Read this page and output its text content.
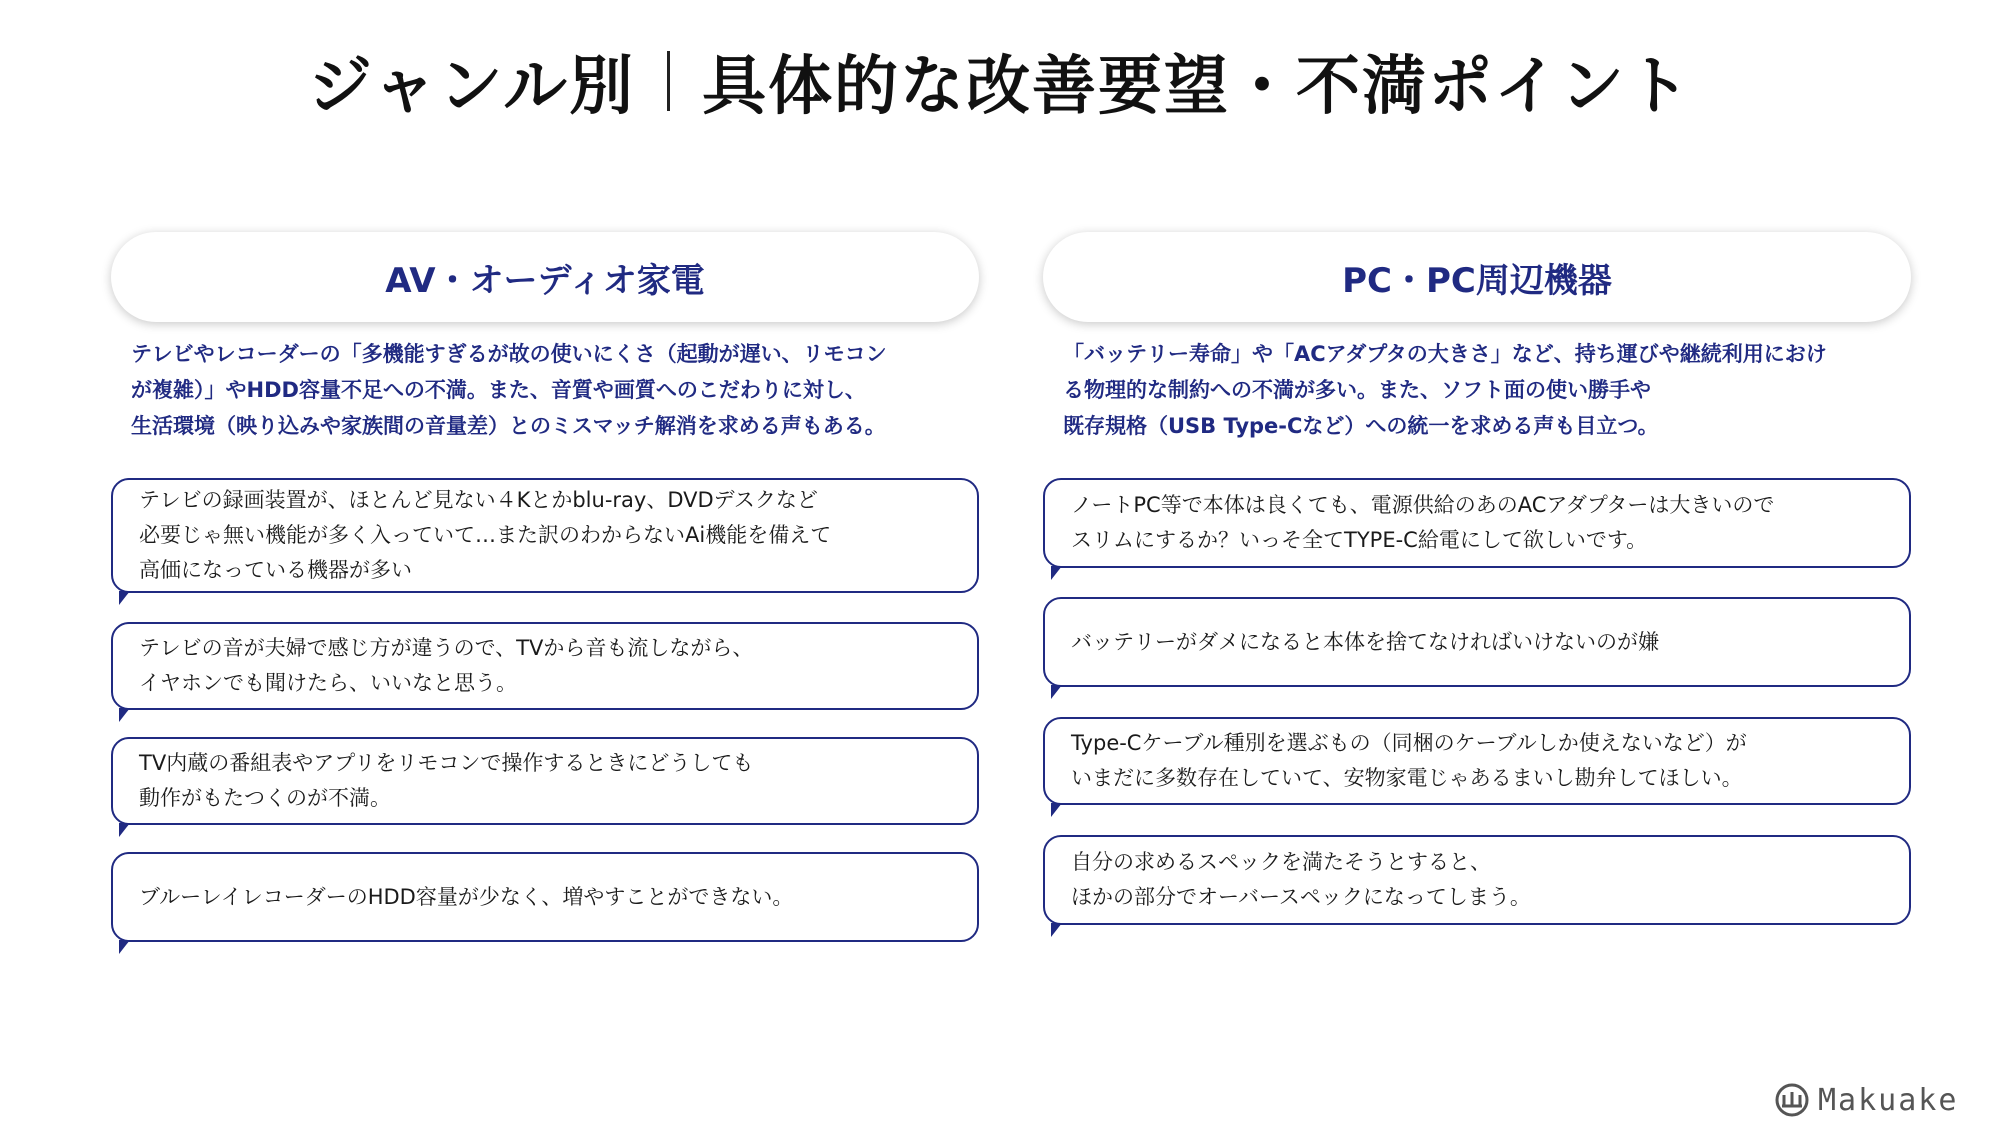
ジャンル別 具体的な改善要望・不満ポイント
AV・オーディオ家電
テレビやレコーダーの「多機能すぎるが故の使いにくさ（起動が遅い、リモコン
が複雑）」やHDD容量不足への不満。また、音質や画質へのこだわりに対し、
生活環境（映り込みや家族間の音量差）とのミスマッチ解消を求める声もある。
テレビの録画装置が、ほとんど見ない４Kとかblu-ray、DVDデスクなど
必要じゃ無い機能が多く入っていて…また訳のわからないAi機能を備えて
高価になっている機器が多い
テレビの音が夫婦で感じ方が違うので、TVから音も流しながら、
イヤホンでも聞けたら、いいなと思う。
TV内蔵の番組表やアプリをリモコンで操作するときにどうしても
動作がもたつくのが不満。
ブルーレイレコーダーのHDD容量が少なく、増やすことができない。
PC・PC周辺機器
「バッテリー寿命」や「ACアダプタの大きさ」など、持ち運びや継続利用におけ
る物理的な制約への不満が多い。また、ソフト面の使い勝手や
既存規格（USB Type-Cなど）への統一を求める声も目立つ。
ノートPC等で本体は良くても、電源供給のあのACアダプターは大きいので
スリムにするか？いっそ全てTYPE-C給電にして欲しいです。
バッテリーがダメになると本体を捨てなければいけないのが嫌
Type-Cケーブル種別を選ぶもの（同梱のケーブルしか使えないなど）が
いまだに多数存在していて、安物家電じゃあるまいし勘弁してほしい。
自分の求めるスペックを満たそうとすると、
ほかの部分でオーバースペックになってしまう。
Makuake
